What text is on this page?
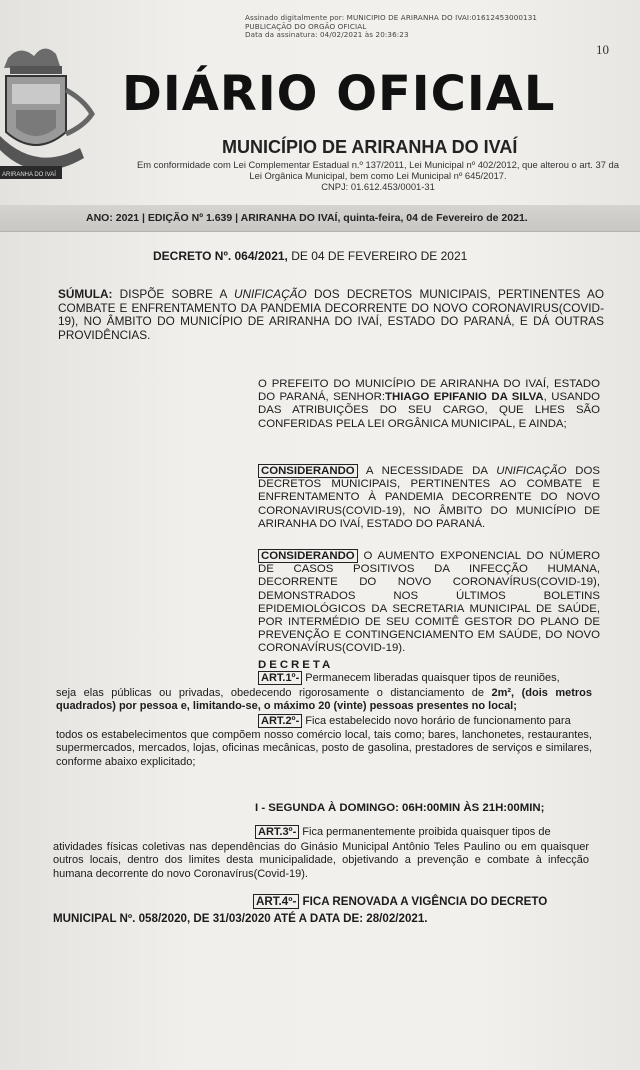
Assinado digitalmente por: MUNICIPIO DE ARIRANHA DO IVAI:01612453000131
PUBLICAÇÃO DO ORGÃO OFICIAL
Data da assinatura: 04/02/2021 às 20:36:23
10
ARIRANHA DO IVAÍ
DIÁRIO OFICIAL
MUNICÍPIO DE ARIRANHA DO IVAÍ
Em conformidade com Lei Complementar Estadual n.º 137/2011, Lei Municipal nº 402/2012, que alterou o art. 37 da
Lei Orgânica Municipal, bem como Lei Municipal nº 645/2017.
CNPJ: 01.612.453/0001-31
ANO: 2021 | EDIÇÃO Nº 1.639 | ARIRANHA DO IVAÍ, quinta-feira, 04 de Fevereiro de 2021.
DECRETO Nº. 064/2021, DE 04 DE FEVEREIRO DE 2021
SÚMULA: DISPÕE SOBRE A UNIFICAÇÃO DOS DECRETOS MUNICIPAIS, PERTINENTES AO COMBATE E ENFRENTAMENTO DA PANDEMIA DECORRENTE DO NOVO CORONAVIRUS(COVID-19), NO ÂMBITO DO MUNICÍPIO DE ARIRANHA DO IVAÍ, ESTADO DO PARANÁ, E DÁ OUTRAS PROVIDÊNCIAS.
O PREFEITO DO MUNICÍPIO DE ARIRANHA DO IVAÍ, ESTADO DO PARANÁ, SENHOR:THIAGO EPIFANIO DA SILVA, USANDO DAS ATRIBUIÇÕES DO SEU CARGO, QUE LHES SÃO CONFERIDAS PELA LEI ORGÂNICA MUNICIPAL, E AINDA;
CONSIDERANDO A NECESSIDADE DA UNIFICAÇÃO DOS DECRETOS MUNICIPAIS, PERTINENTES AO COMBATE E ENFRENTAMENTO À PANDEMIA DECORRENTE DO NOVO CORONAVIRUS(COVID-19), NO ÂMBITO DO MUNICÍPIO DE ARIRANHA DO IVAÍ, ESTADO DO PARANÁ.
CONSIDERANDO O AUMENTO EXPONENCIAL DO NÚMERO DE CASOS POSITIVOS DA INFECÇÃO HUMANA, DECORRENTE DO NOVO CORONAVÍRUS(COVID-19), DEMONSTRADOS NOS ÚLTIMOS BOLETINS EPIDEMIOLÓGICOS DA SECRETARIA MUNICIPAL DE SAÚDE, POR INTERMÉDIO DE SEU COMITÊ GESTOR DO PLANO DE PREVENÇÃO E CONTINGENCIAMENTO EM SAÚDE, DO NOVO CORONAVÍRUS(COVID-19).
DECRETA
ART.1º- Permanecem liberadas quaisquer tipos de reuniões,
seja elas públicas ou privadas, obedecendo rigorosamente o distanciamento de 2m², (dois metros quadrados) por pessoa e, limitando-se, o máximo 20 (vinte) pessoas presentes no local;
ART.2º- Fica estabelecido novo horário de funcionamento para
todos os estabelecimentos que compõem nosso comércio local, tais como; bares, lanchonetes, restaurantes, supermercados, mercados, lojas, oficinas mecânicas, posto de gasolina, prestadores de serviços e similares, conforme abaixo explicitado;
I - SEGUNDA À DOMINGO: 06H:00MIN ÀS 21H:00MIN;
ART.3º- Fica permanentemente proibida quaisquer tipos de
atividades físicas coletivas nas dependências do Ginásio Municipal Antônio Teles Paulino ou em quaisquer outros locais, dentro dos limites desta municipalidade, objetivando a prevenção e combate à infecção humana decorrente do novo Coronavírus(Covid-19).
ART.4º- FICA RENOVADA A VIGÊNCIA DO DECRETO
MUNICIPAL Nº. 058/2020, DE 31/03/2020 ATÉ A DATA DE: 28/02/2021.
